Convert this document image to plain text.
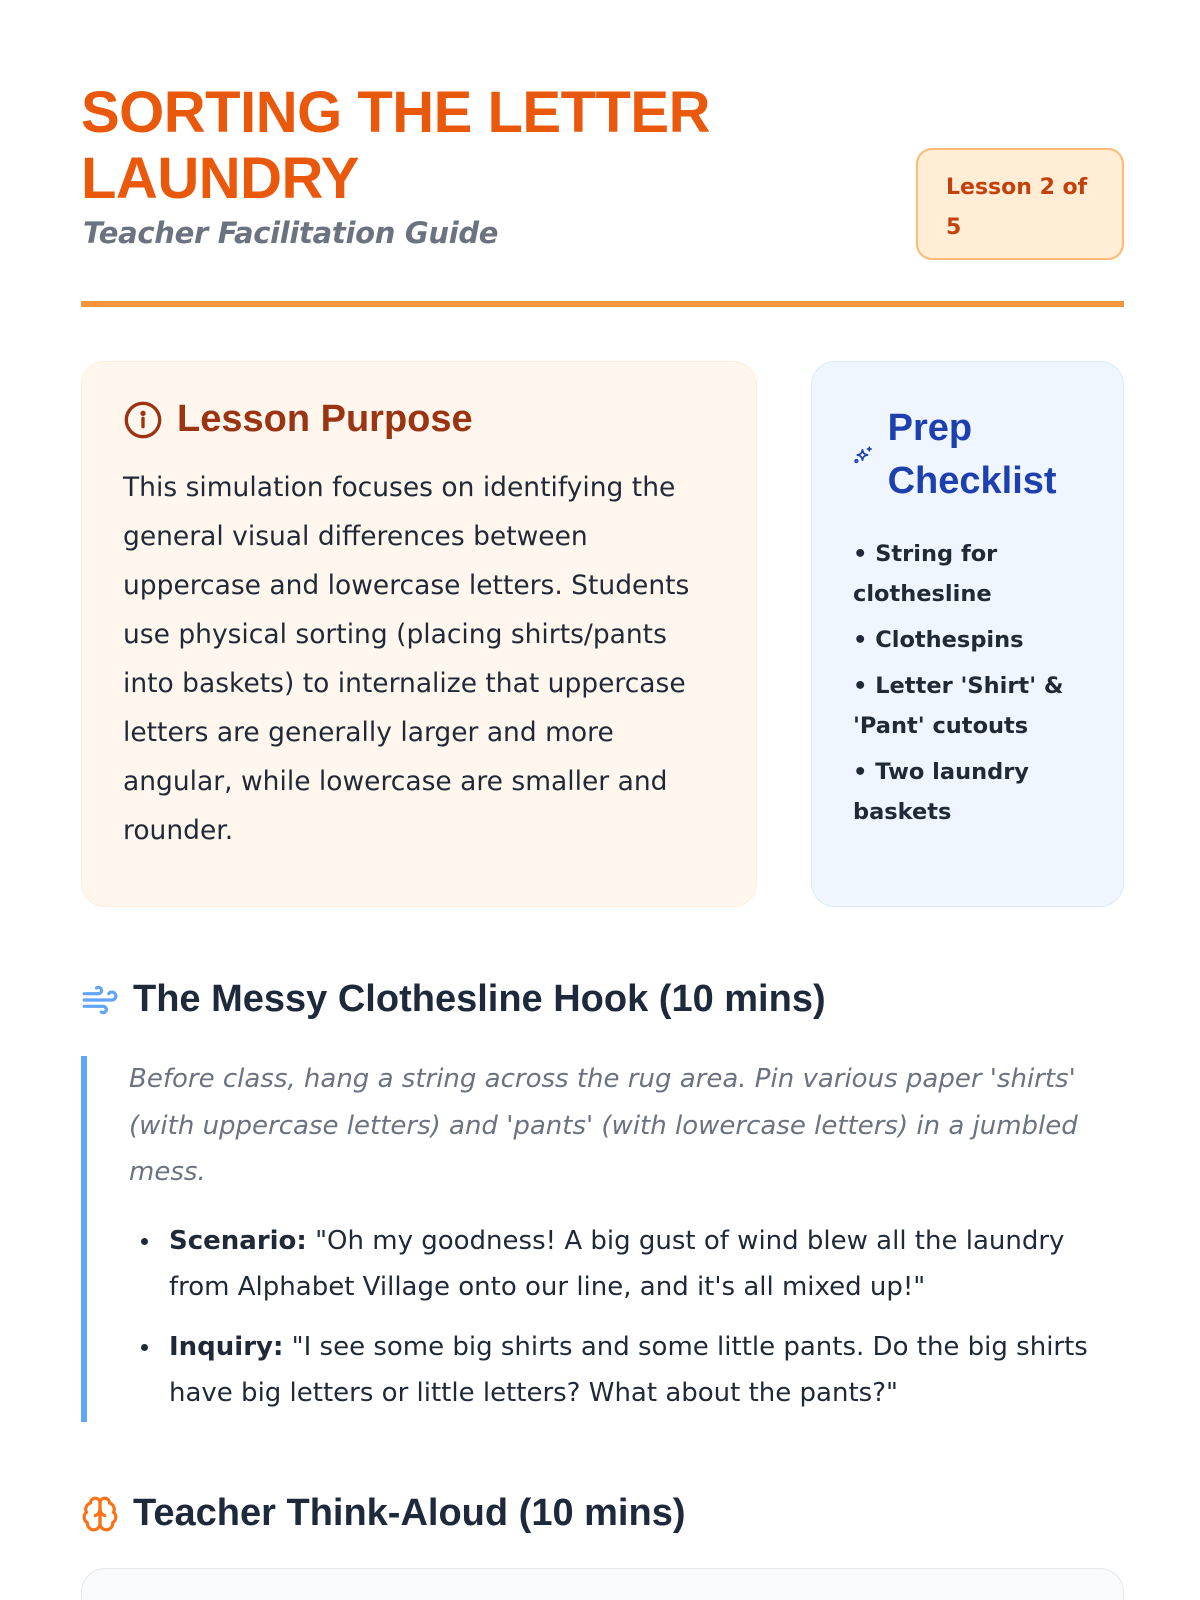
SORTING THE LETTER LAUNDRY
Teacher Facilitation Guide
Lesson 2 of 5
Lesson Purpose

This simulation focuses on identifying the general visual differences between uppercase and lowercase letters. Students use physical sorting (placing shirts/pants into baskets) to internalize that uppercase letters are generally larger and more angular, while lowercase are smaller and rounder.

Prep Checklist
• String for clothesline
• Clothespins
• Letter 'Shirt' & 'Pant' cutouts
• Two laundry baskets
The Messy Clothesline Hook (10 mins)

Before class, hang a string across the rug area. Pin various paper 'shirts' (with uppercase letters) and 'pants' (with lowercase letters) in a jumbled mess.

Scenario: "Oh my goodness! A big gust of wind blew all the laundry from Alphabet Village onto our line, and it's all mixed up!"
Inquiry: "I see some big shirts and some little pants. Do the big shirts have big letters or little letters? What about the pants?"
Teacher Think-Aloud (10 mins)
